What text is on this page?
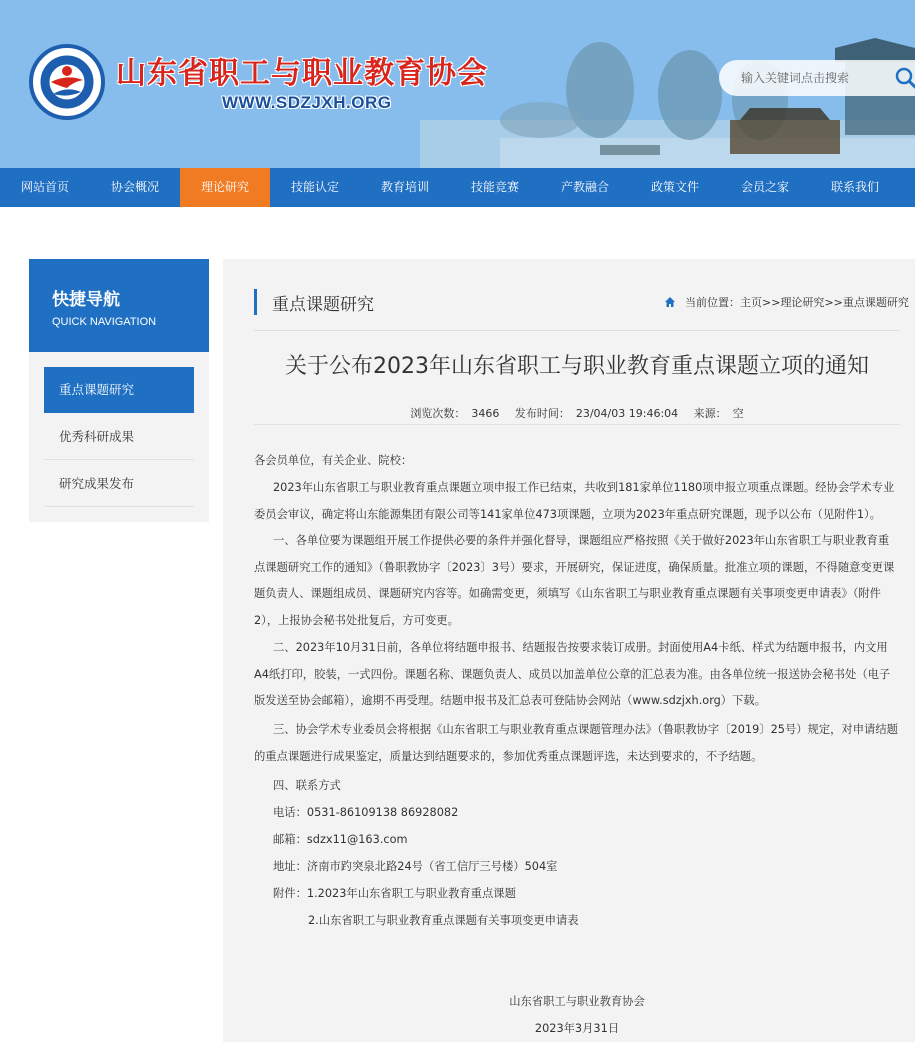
山东省职工与职业教育协会
WWW.SDZJXH.ORG
输入关键词点击搜索
网站首页	协会概况	理论研究	技能认定	教育培训	技能竞赛	产教融合	政策文件	会员之家	联系我们
快捷导航
QUICK NAVIGATION
重点课题研究
优秀科研成果
研究成果发布
重点课题研究	当前位置： 主页 >> 理论研究 >> 重点课题研究
关于公布2023年山东省职工与职业教育重点课题立项的通知
浏览次数： 3466 发布时间： 23/04/03 19:46:04 来源： 空
各会员单位，有关企业、院校：
2023年山东省职工与职业教育重点课题立项申报工作已结束，共收到181家单位1180项申报立项重点课题。经协会学术专业委员会审议，确定将山东能源集团有限公司等141家单位473项课题，立项为2023年重点研究课题，现予以公布（见附件1）。
一、各单位要为课题组开展工作提供必要的条件并强化督导，课题组应严格按照《关于做好2023年山东省职工与职业教育重点课题研究工作的通知》（鲁职教协字〔2023〕3号）要求，开展研究，保证进度，确保质量。批准立项的课题，不得随意变更课题负责人、课题组成员、课题研究内容等。如确需变更，须填写《山东省职工与职业教育重点课题有关事项变更申请表》（附件2），上报协会秘书处批复后，方可变更。
二、2023年10月31日前，各单位将结题申报书、结题报告按要求装订成册。封面使用A4卡纸、样式为结题申报书，内文用A4纸打印，胶装，一式四份。课题名称、课题负责人、成员以加盖单位公章的汇总表为准。由各单位统一报送协会秘书处（电子版发送至协会邮箱），逾期不再受理。结题申报书及汇总表可登陆协会网站（www.sdzjxh.org）下载。
三、协会学术专业委员会将根据《山东省职工与职业教育重点课题管理办法》（鲁职教协字〔2019〕25号）规定，对申请结题的重点课题进行成果鉴定，质量达到结题要求的，参加优秀重点课题评选，未达到要求的，不予结题。
四、联系方式
电话：0531-86109138 86928082
邮箱：sdzx11@163.com
地址：济南市趵突泉北路24号（省工信厅三号楼）504室
附件：1.2023年山东省职工与职业教育重点课题
2.山东省职工与职业教育重点课题有关事项变更申请表
山东省职工与职业教育协会
2023年3月31日
